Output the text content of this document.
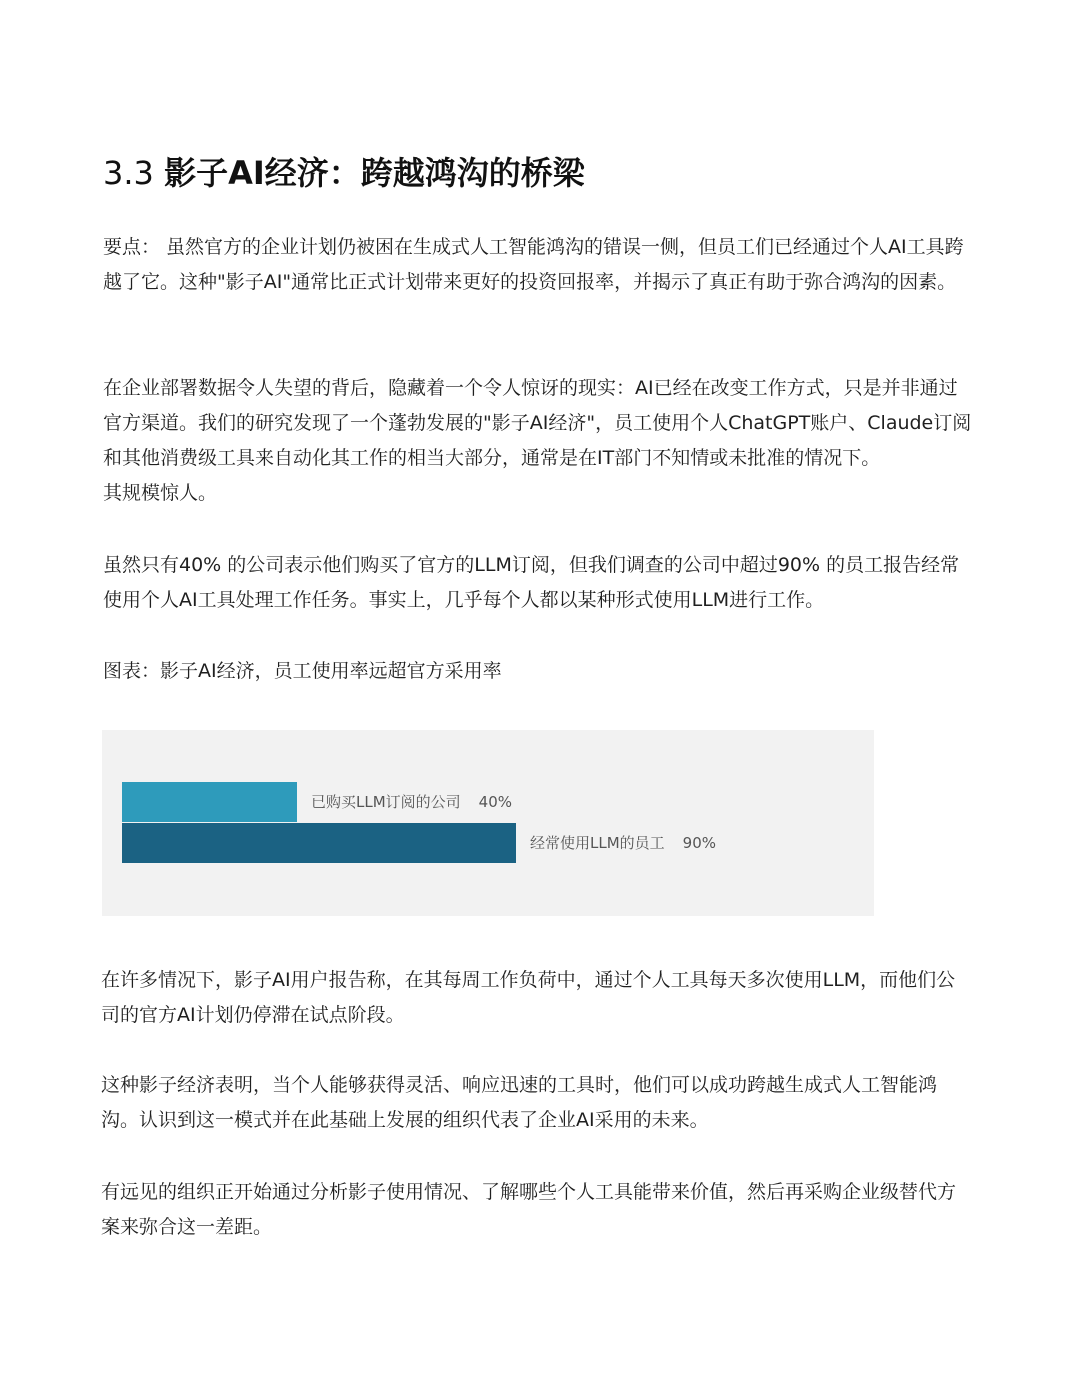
3.3 影子AI经济：跨越鸿沟的桥梁

要点： 虽然官方的企业计划仍被困在生成式人工智能鸿沟的错误一侧，但员工们已经通过个人AI工具跨越了它。这种"影子AI"通常比正式计划带来更好的投资回报率，并揭示了真正有助于弥合鸿沟的因素。

在企业部署数据令人失望的背后，隐藏着一个令人惊讶的现实：AI已经在改变工作方式，只是并非通过官方渠道。我们的研究发现了一个蓬勃发展的"影子AI经济"，员工使用个人ChatGPT账户、Claude订阅和其他消费级工具来自动化其工作的相当大部分，通常是在IT部门不知情或未批准的情况下。
其规模惊人。

虽然只有40% 的公司表示他们购买了官方的LLM订阅，但我们调查的公司中超过90% 的员工报告经常使用个人AI工具处理工作任务。事实上，几乎每个人都以某种形式使用LLM进行工作。

图表：影子AI经济，员工使用率远超官方采用率

已购买LLM订阅的公司 40%
经常使用LLM的员工 90%

在许多情况下，影子AI用户报告称，在其每周工作负荷中，通过个人工具每天多次使用LLM，而他们公司的官方AI计划仍停滞在试点阶段。

这种影子经济表明，当个人能够获得灵活、响应迅速的工具时，他们可以成功跨越生成式人工智能鸿沟。认识到这一模式并在此基础上发展的组织代表了企业AI采用的未来。

有远见的组织正开始通过分析影子使用情况、了解哪些个人工具能带来价值，然后再采购企业级替代方案来弥合这一差距。
